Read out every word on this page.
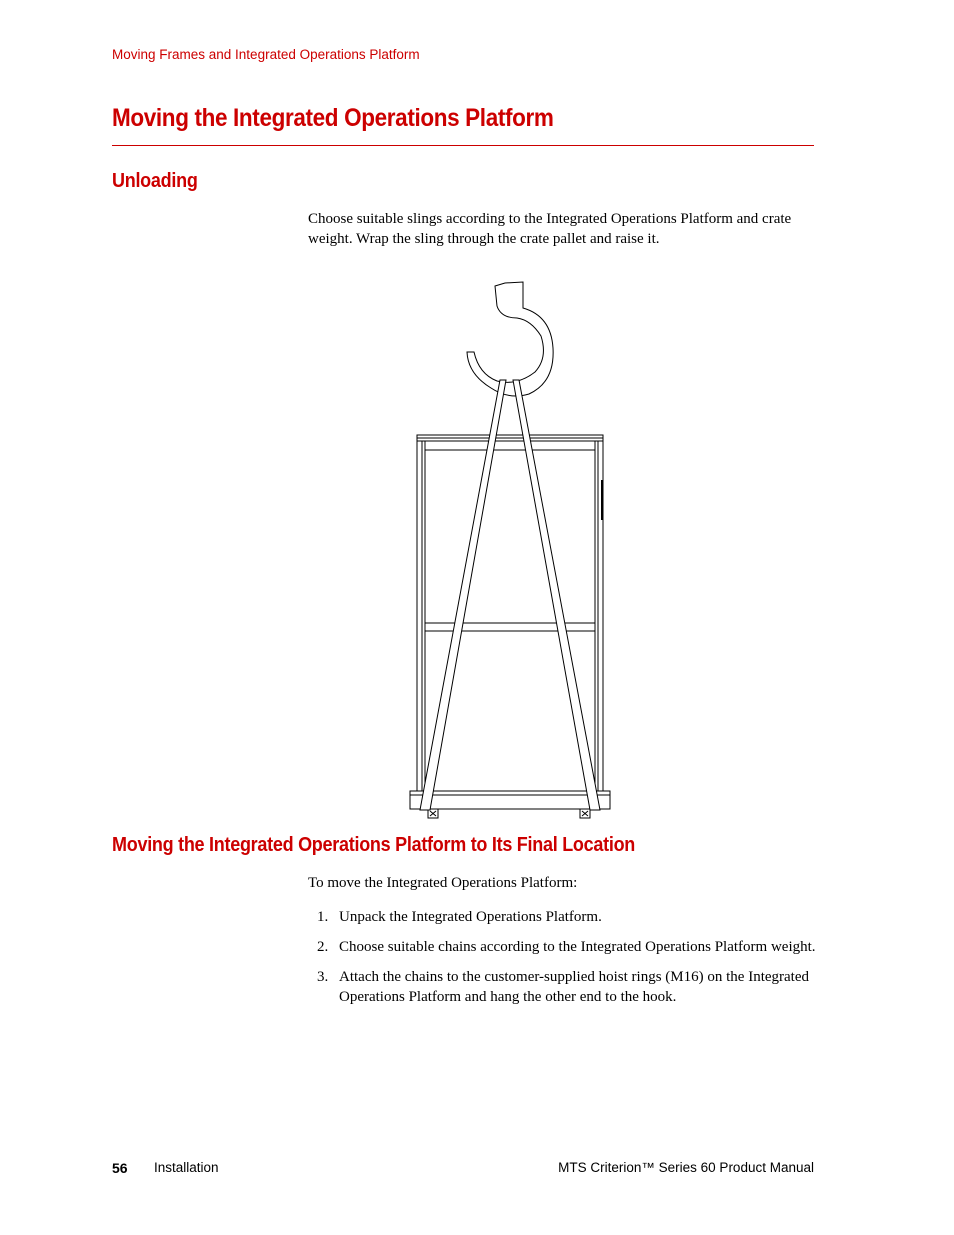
Moving Frames and Integrated Operations Platform
Moving the Integrated Operations Platform
Unloading
Choose suitable slings according to the Integrated Operations Platform and crate weight. Wrap the sling through the crate pallet and raise it.
Moving the Integrated Operations Platform to Its Final Location
To move the Integrated Operations Platform:
1. Unpack the Integrated Operations Platform.
2. Choose suitable chains according to the Integrated Operations Platform weight.
3. Attach the chains to the customer-supplied hoist rings (M16) on the Integrated Operations Platform and hang the other end to the hook.
56 Installation	MTS Criterion™ Series 60 Product Manual
